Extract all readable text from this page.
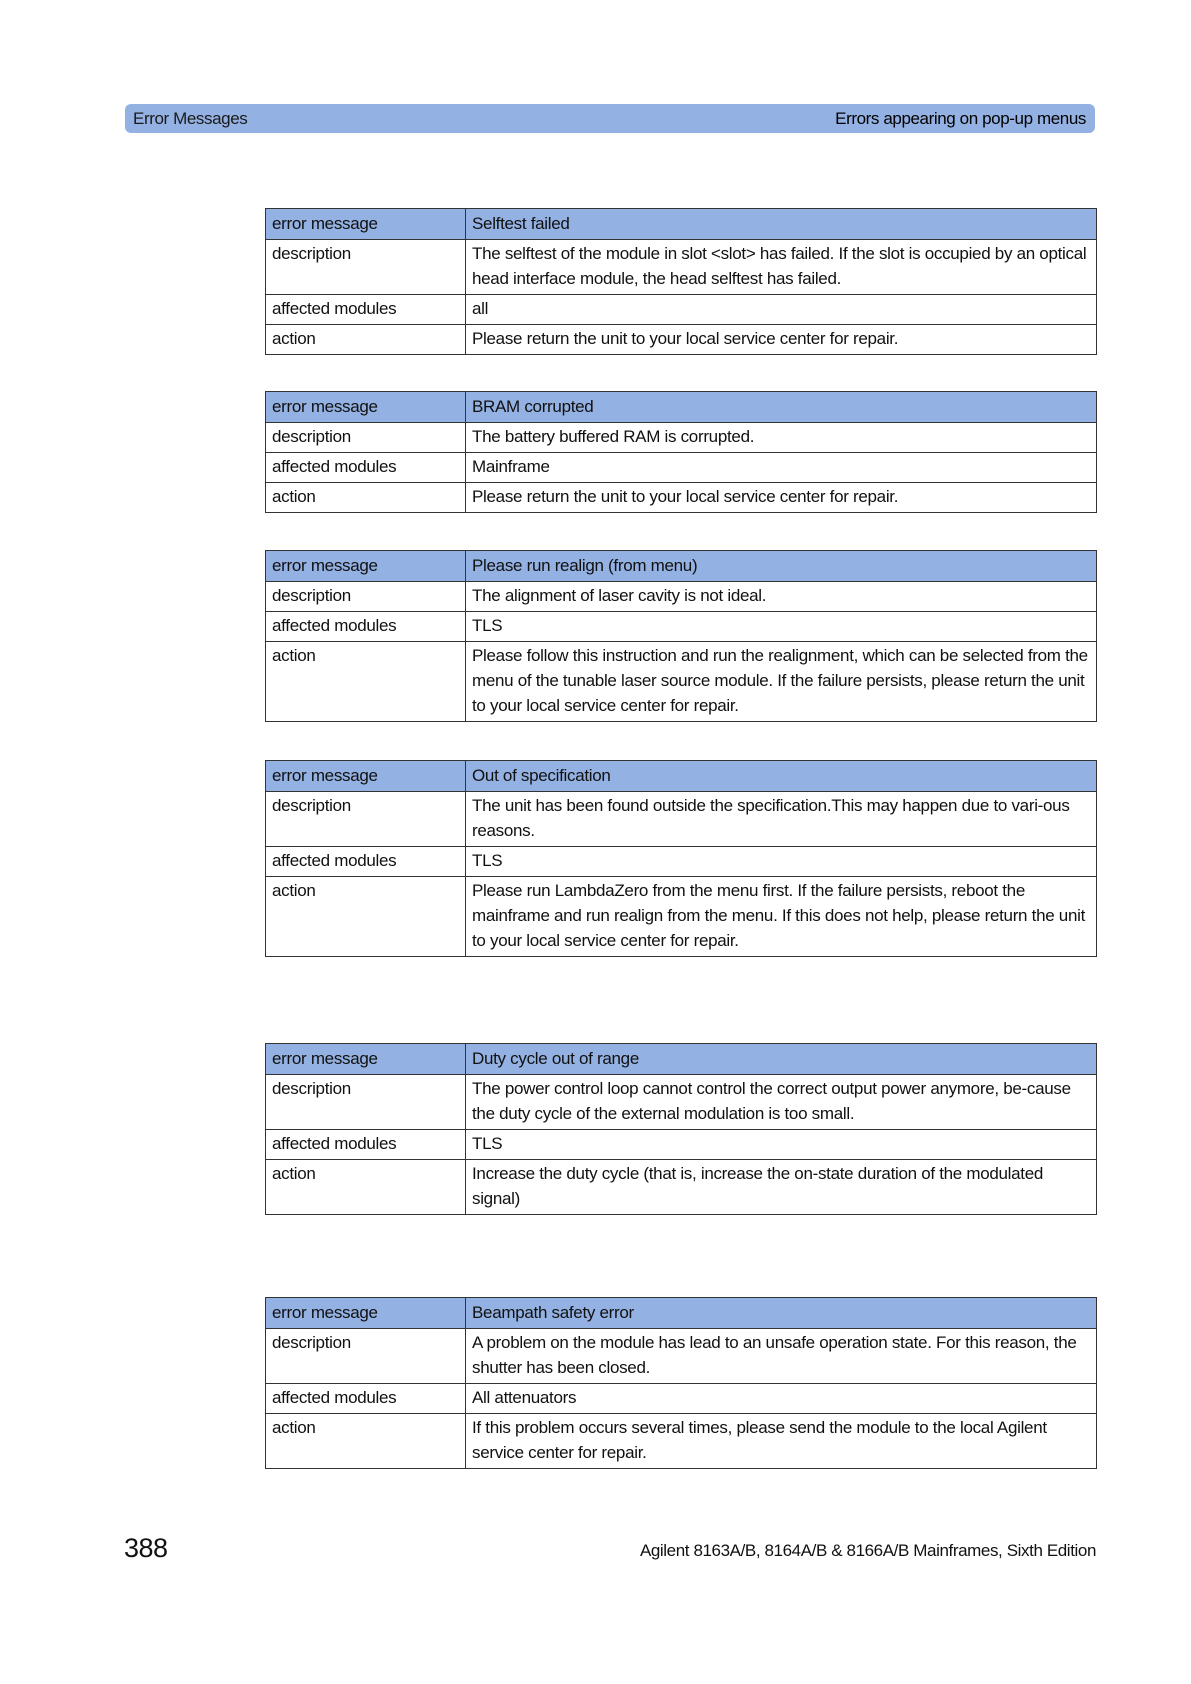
Error Messages	Errors appearing on pop-up menus
error message	Selftest failed
description	The selftest of the module in slot <slot> has failed. If the slot is occupied by an optical head interface module, the head selftest has failed.
affected modules	all
action	Please return the unit to your local service center for repair.
error message	BRAM corrupted
description	The battery buffered RAM is corrupted.
affected modules	Mainframe
action	Please return the unit to your local service center for repair.
error message	Please run realign (from menu)
description	The alignment of laser cavity is not ideal.
affected modules	TLS
action	Please follow this instruction and run the realignment, which can be selected from the menu of the tunable laser source module. If the failure persists, please return the unit to your local service center for repair.
error message	Out of specification
description	The unit has been found outside the specification.This may happen due to vari-ous reasons.
affected modules	TLS
action	Please run LambdaZero from the menu first. If the failure persists, reboot the mainframe and run realign from the menu. If this does not help, please return the unit to your local service center for repair.
error message	Duty cycle out of range
description	The power control loop cannot control the correct output power anymore, be-cause the duty cycle of the external modulation is too small.
affected modules	TLS
action	Increase the duty cycle (that is, increase the on-state duration of the modulated signal)
error message	Beampath safety error
description	A problem on the module has lead to an unsafe operation state. For this reason, the shutter has been closed.
affected modules	All attenuators
action	If this problem occurs several times, please send the module to the local Agilent service center for repair.
388	Agilent 8163A/B, 8164A/B & 8166A/B Mainframes, Sixth Edition
